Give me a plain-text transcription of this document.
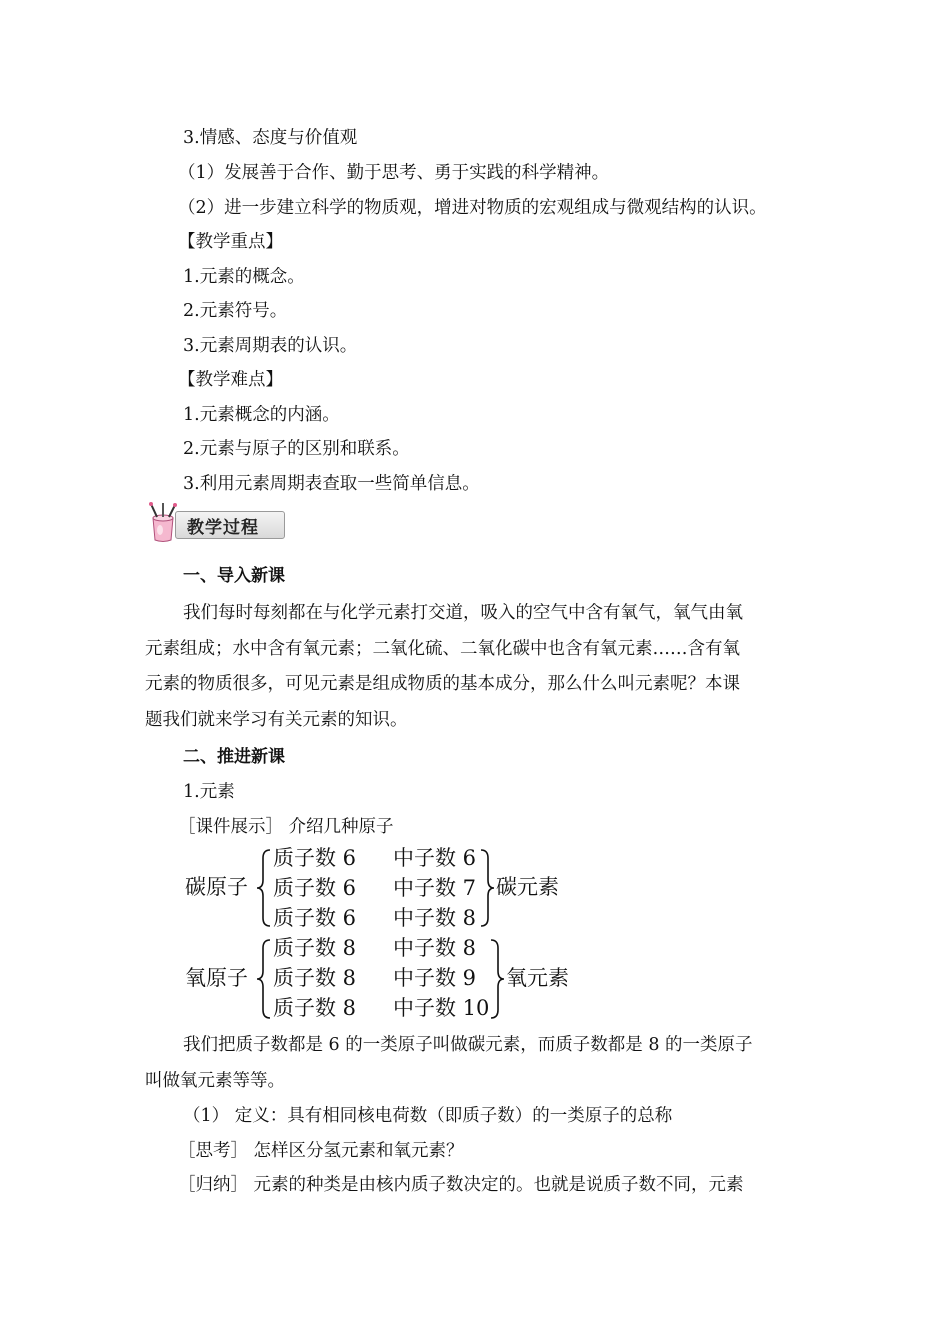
3.情感、态度与价值观
（1）发展善于合作、勤于思考、勇于实践的科学精神。
（2）进一步建立科学的物质观，增进对物质的宏观组成与微观结构的认识。
【教学重点】
1.元素的概念。
2.元素符号。
3.元素周期表的认识。
【教学难点】
1.元素概念的内涵。
2.元素与原子的区别和联系。
3.利用元素周期表查取一些简单信息。
教学过程
一、导入新课
我们每时每刻都在与化学元素打交道，吸入的空气中含有氧气，氧气由氧
元素组成；水中含有氧元素；二氧化硫、二氧化碳中也含有氧元素……含有氧
元素的物质很多，可见元素是组成物质的基本成分，那么什么叫元素呢？本课
题我们就来学习有关元素的知识。
二、推进新课
1.元素
［课件展示］ 介绍几种原子
碳原子
质子数 6 中子数 6
质子数 6 中子数 7
质子数 6 中子数 8
碳元素
氧原子
质子数 8 中子数 8
质子数 8 中子数 9
质子数 8 中子数 10
氧元素
我们把质子数都是 6 的一类原子叫做碳元素，而质子数都是 8 的一类原子
叫做氧元素等等。
（1） 定义：具有相同核电荷数（即质子数）的一类原子的总称
［思考］ 怎样区分氢元素和氧元素？
［归纳］ 元素的种类是由核内质子数决定的。也就是说质子数不同，元素
